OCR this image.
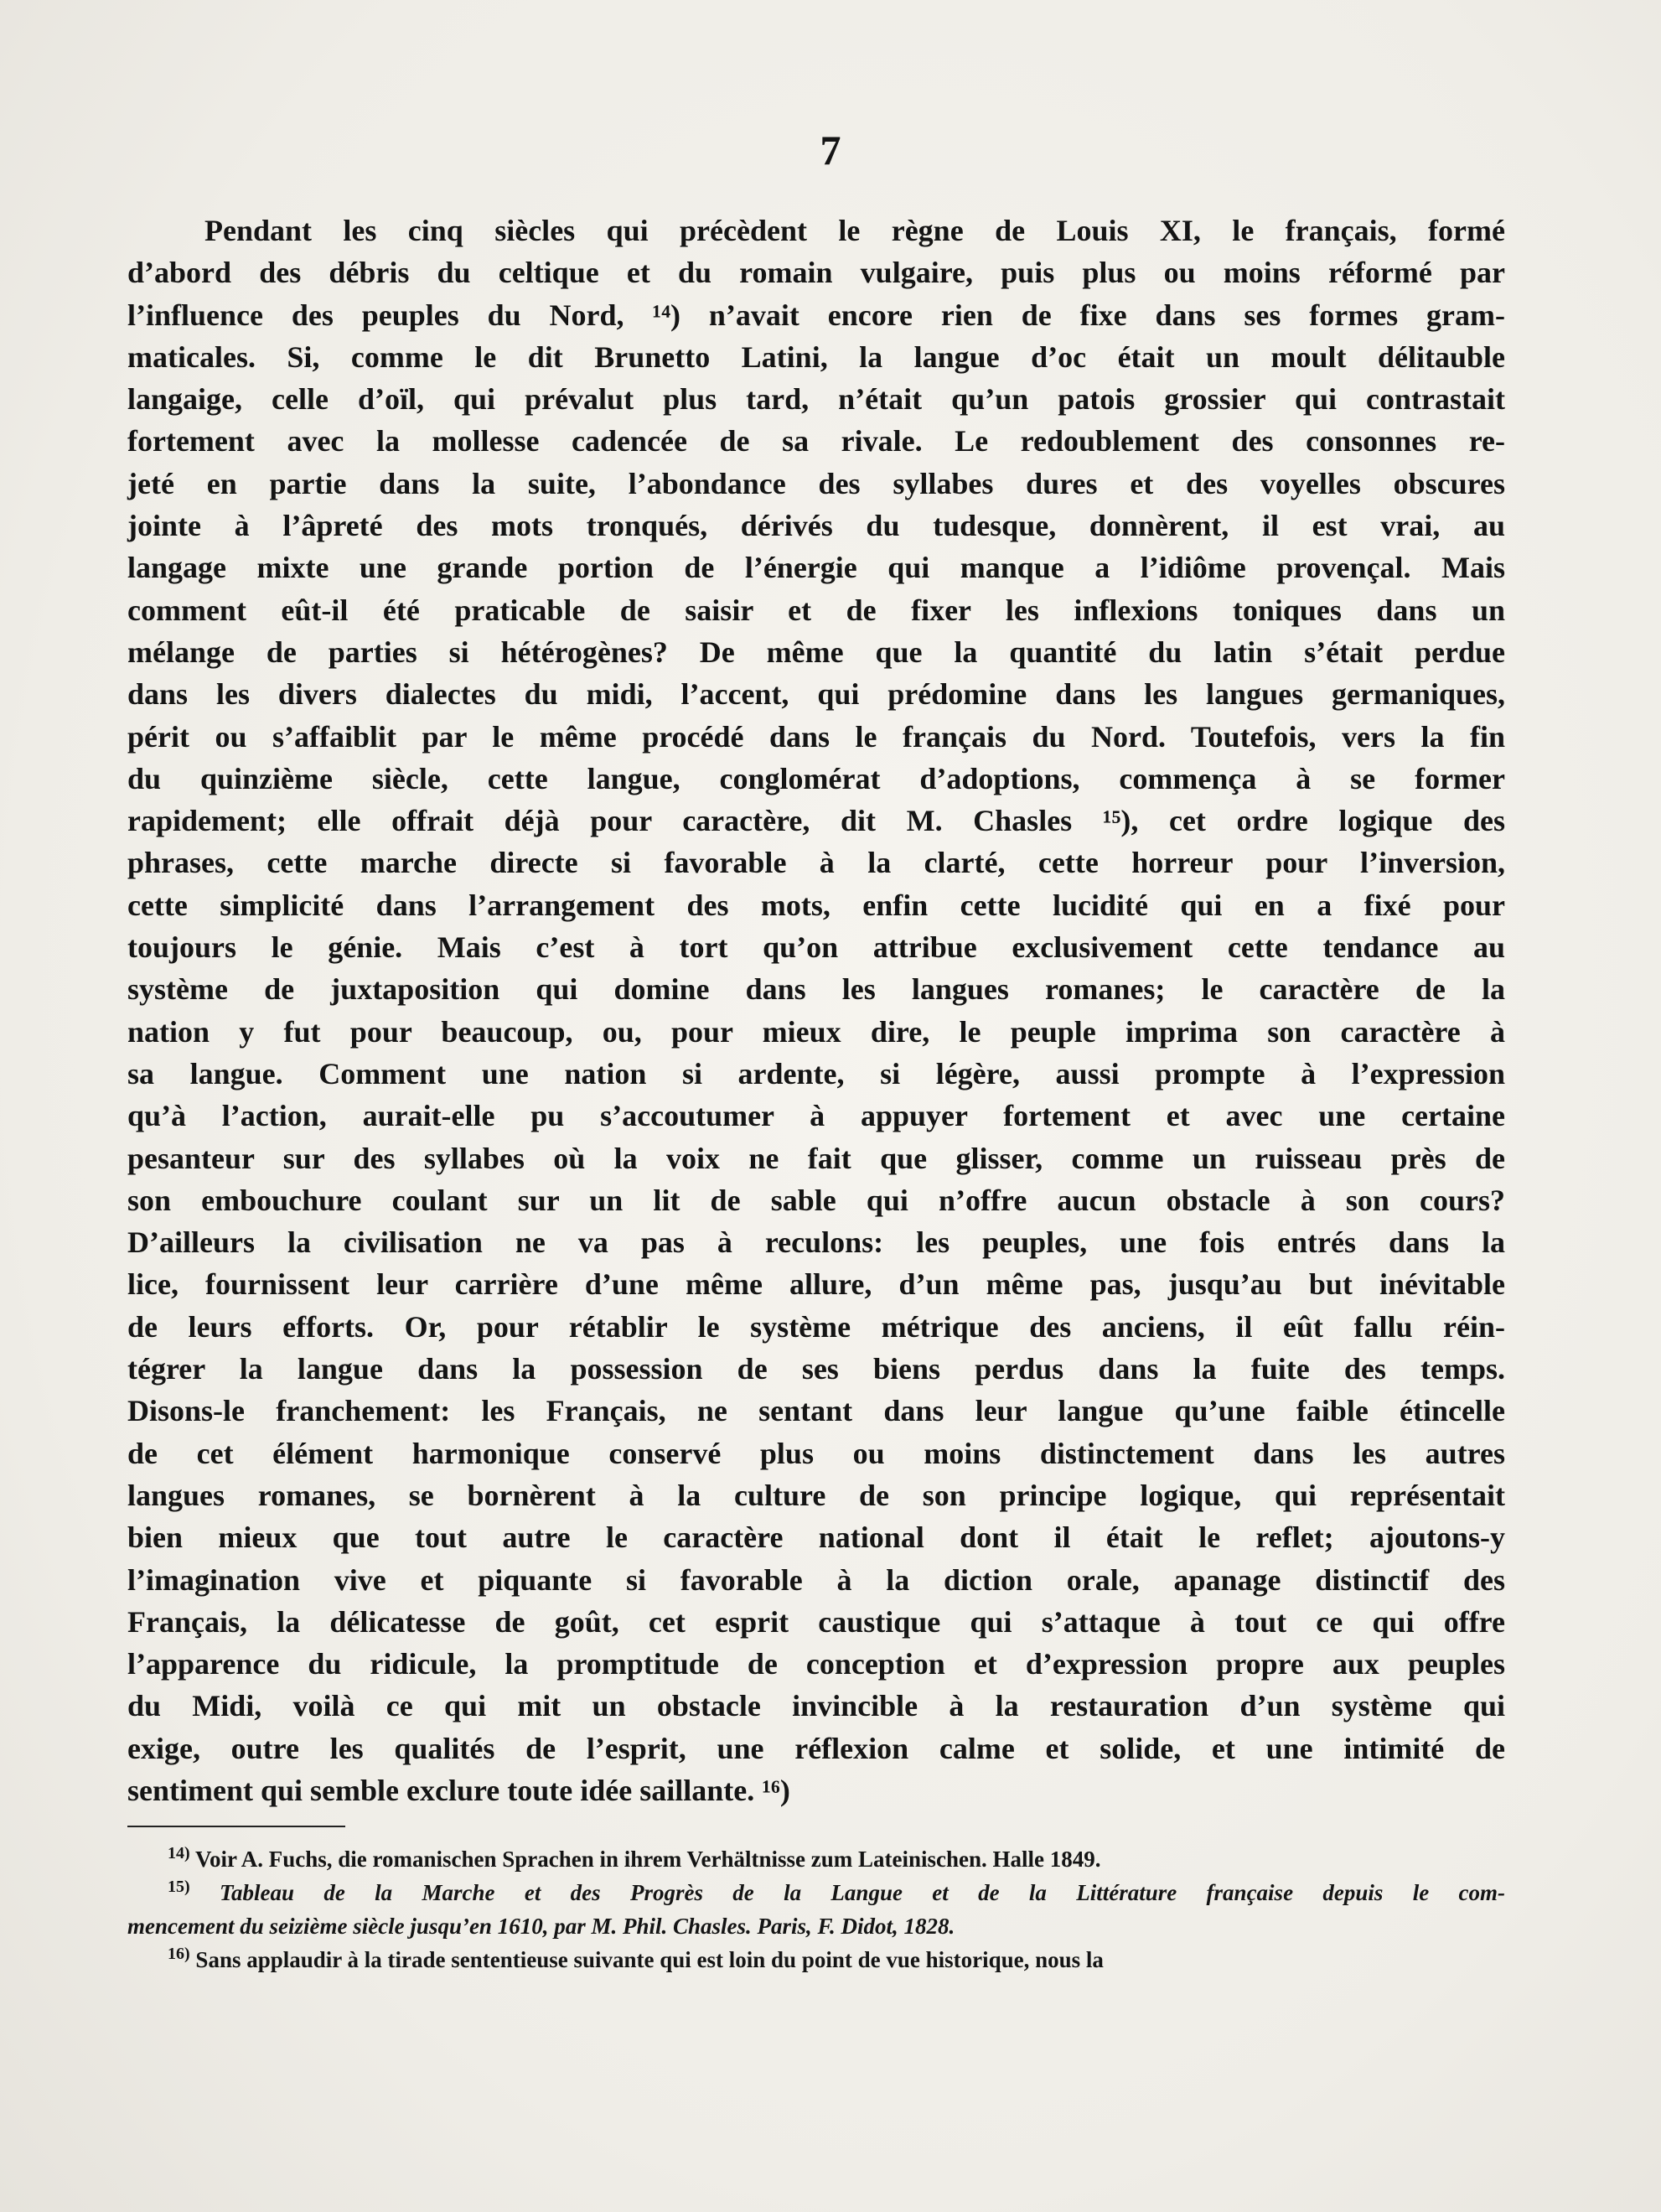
7
Pendant les cinq siècles qui précèdent le règne de Louis XI, le français, formé
d’abord des débris du celtique et du romain vulgaire, puis plus ou moins réformé par
l’influence des peuples du Nord, ¹⁴) n’avait encore rien de fixe dans ses formes gram-
maticales. Si, comme le dit Brunetto Latini, la langue d’oc était un moult délitauble
langaige, celle d’oïl, qui prévalut plus tard, n’était qu’un patois grossier qui contrastait
fortement avec la mollesse cadencée de sa rivale. Le redoublement des consonnes re-
jeté en partie dans la suite, l’abondance des syllabes dures et des voyelles obscures
jointe à l’âpreté des mots tronqués, dérivés du tudesque, donnèrent, il est vrai, au
langage mixte une grande portion de l’énergie qui manque a l’idiôme provençal. Mais
comment eût-il été praticable de saisir et de fixer les inflexions toniques dans un
mélange de parties si hétérogènes? De même que la quantité du latin s’était perdue
dans les divers dialectes du midi, l’accent, qui prédomine dans les langues germaniques,
périt ou s’affaiblit par le même procédé dans le français du Nord. Toutefois, vers la fin
du quinzième siècle, cette langue, conglomérat d’adoptions, commença à se former
rapidement; elle offrait déjà pour caractère, dit M. Chasles ¹⁵), cet ordre logique des
phrases, cette marche directe si favorable à la clarté, cette horreur pour l’inversion,
cette simplicité dans l’arrangement des mots, enfin cette lucidité qui en a fixé pour
toujours le génie. Mais c’est à tort qu’on attribue exclusivement cette tendance au
système de juxtaposition qui domine dans les langues romanes; le caractère de la
nation y fut pour beaucoup, ou, pour mieux dire, le peuple imprima son caractère à
sa langue. Comment une nation si ardente, si légère, aussi prompte à l’expression
qu’à l’action, aurait-elle pu s’accoutumer à appuyer fortement et avec une certaine
pesanteur sur des syllabes où la voix ne fait que glisser, comme un ruisseau près de
son embouchure coulant sur un lit de sable qui n’offre aucun obstacle à son cours?
D’ailleurs la civilisation ne va pas à reculons: les peuples, une fois entrés dans la
lice, fournissent leur carrière d’une même allure, d’un même pas, jusqu’au but inévitable
de leurs efforts. Or, pour rétablir le système métrique des anciens, il eût fallu réin-
tégrer la langue dans la possession de ses biens perdus dans la fuite des temps.
Disons-le franchement: les Français, ne sentant dans leur langue qu’une faible étincelle
de cet élément harmonique conservé plus ou moins distinctement dans les autres
langues romanes, se bornèrent à la culture de son principe logique, qui représentait
bien mieux que tout autre le caractère national dont il était le reflet; ajoutons-y
l’imagination vive et piquante si favorable à la diction orale, apanage distinctif des
Français, la délicatesse de goût, cet esprit caustique qui s’attaque à tout ce qui offre
l’apparence du ridicule, la promptitude de conception et d’expression propre aux peuples
du Midi, voilà ce qui mit un obstacle invincible à la restauration d’un système qui
exige, outre les qualités de l’esprit, une réflexion calme et solide, et une intimité de
sentiment qui semble exclure toute idée saillante. ¹⁶)
$^{14)}$ Voir A. Fuchs, die romanischen Sprachen in ihrem Verhältnisse zum Lateinischen. Halle 1849.
$^{15)}$ Tableau de la Marche et des Progrès de la Langue et de la Littérature française depuis le com-
mencement du seizième siècle jusqu’en 1610, par M. Phil. Chasles. Paris, F. Didot, 1828.
$^{16)}$ Sans applaudir à la tirade sententieuse suivante qui est loin du point de vue historique, nous la
